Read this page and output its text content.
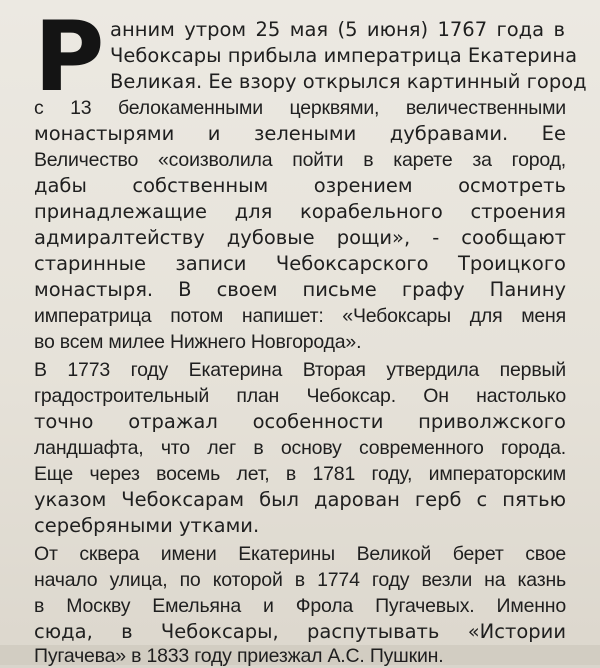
Р анним утром 25 мая (5 июня) 1767 года в
Чебоксары прибыла императрица Екатерина
Великая. Ее взору открылся картинный город
с 13 белокаменными церквями, величественными
монастырями и зелеными дубравами. Ее
Величество «соизволила пойти в карете за город,
дабы собственным озрением осмотреть
принадлежащие для корабельного строения
адмиралтейству дубовые рощи», - сообщают
старинные записи Чебоксарского Троицкого
монастыря. В своем письме графу Панину
императрица потом напишет: «Чебоксары для меня
во всем милее Нижнего Новгорода».
В 1773 году Екатерина Вторая утвердила первый
градостроительный план Чебоксар. Он настолько
точно отражал особенности приволжского
ландшафта, что лег в основу современного города.
Еще через восемь лет, в 1781 году, императорским
указом Чебоксарам был дарован герб с пятью
серебряными утками.
От сквера имени Екатерины Великой берет свое
начало улица, по которой в 1774 году везли на казнь
в Москву Емельяна и Фрола Пугачевых. Именно
сюда, в Чебоксары, распутывать «Истории
Пугачева» в 1833 году приезжал А.С. Пушкин.
